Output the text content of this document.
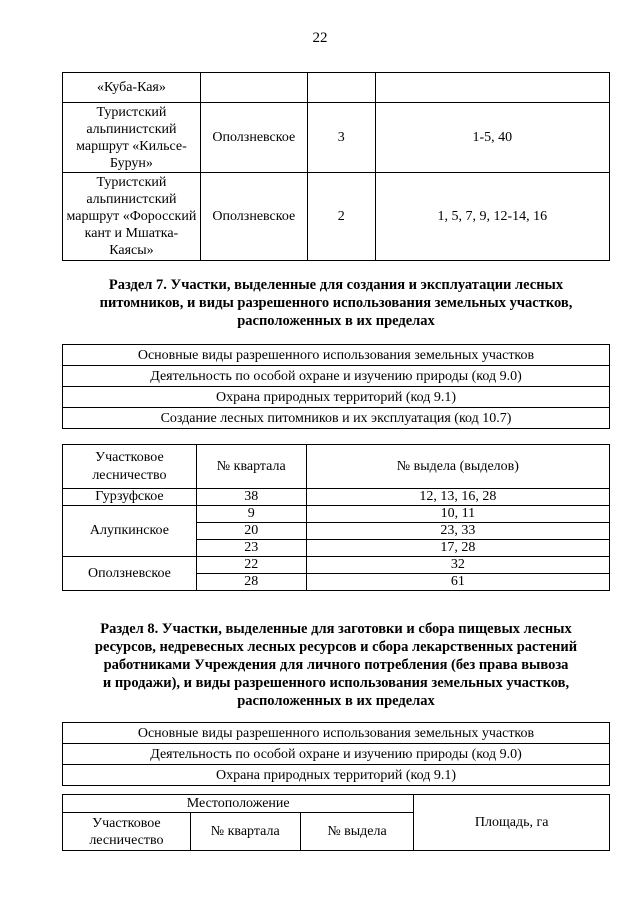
22
«Куба-Кая»			
Туристский альпинистский маршрут «Кильсе-Бурун»	Оползневское	3	1-5, 40
Туристский альпинистский маршрут «Форосский кант и Мшатка-Каясы»	Оползневское	2	1, 5, 7, 9, 12-14, 16
Раздел 7. Участки, выделенные для создания и эксплуатации лесных
питомников, и виды разрешенного использования земельных участков,
расположенных в их пределах
Основные виды разрешенного использования земельных участков
Деятельность по особой охране и изучению природы (код 9.0)
Охрана природных территорий (код 9.1)
Создание лесных питомников и их эксплуатация (код 10.7)
Участковое лесничество	№ квартала	№ выдела (выделов)
Гурзуфское	38	12, 13, 16, 28
Алупкинское	9	10, 11
	20	23, 33
	23	17, 28
Оползневское	22	32
	28	61
Раздел 8. Участки, выделенные для заготовки и сбора пищевых лесных
ресурсов, недревесных лесных ресурсов и сбора лекарственных растений
работниками Учреждения для личного потребления (без права вывоза
и продажи), и виды разрешенного использования земельных участков,
расположенных в их пределах
Основные виды разрешенного использования земельных участков
Деятельность по особой охране и изучению природы (код 9.0)
Охрана природных территорий (код 9.1)
Местоположение			Площадь, га
Участковое лесничество	№ квартала	№ выдела	
